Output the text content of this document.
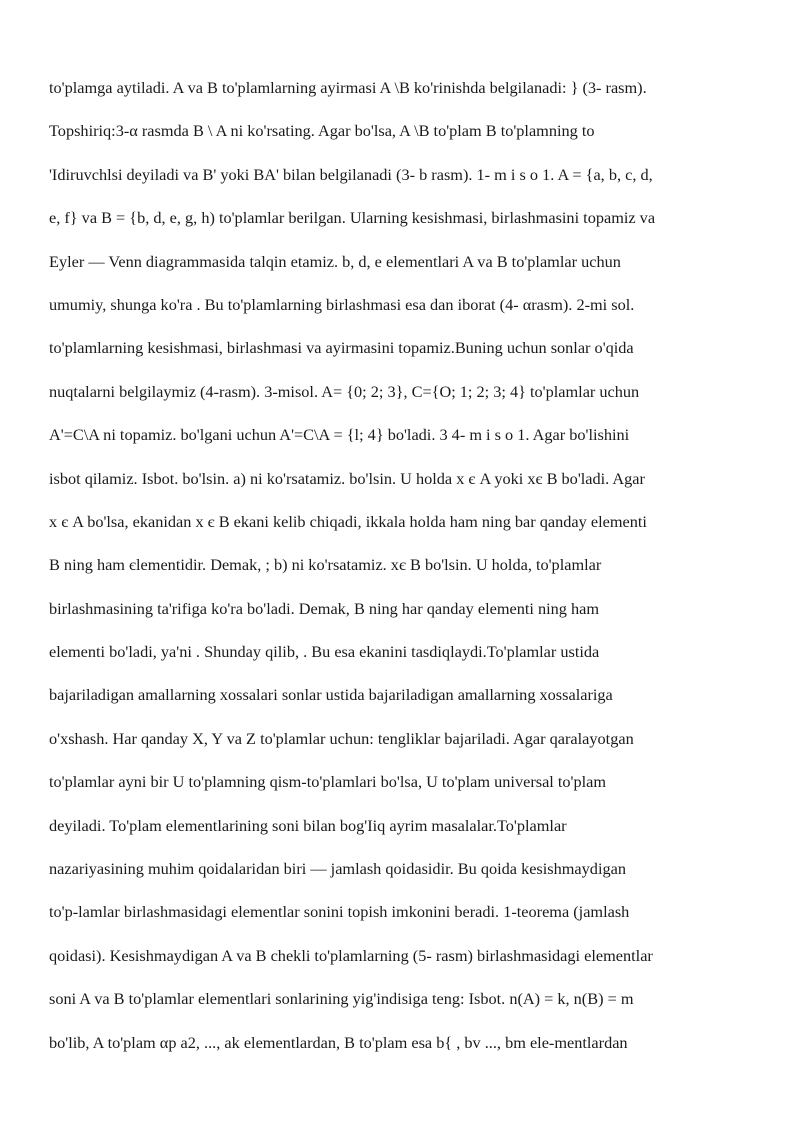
to'plamga aytiladi. A va B to'plamlarning ayirmasi A \B ko'rinishda belgilanadi: } (3- rasm).
Topshiriq:3-α rasmda B \ A ni ko'rsating. Agar bo'lsa, A \B to'plam B to'plamning to
'Idiruvchlsi deyiladi va B' yoki BA' bilan belgilanadi (3- b rasm). 1- m i s o 1. A = {a, b, c, d,
e, f} va B = {b, d, e, g, h) to'plamlar berilgan. Ularning kesishmasi, birlashmasini topamiz va
Eyler — Venn diagrammasida talqin etamiz. b, d, e elementlari A va B to'plamlar uchun
umumiy, shunga ko'ra . Bu to'plamlarning birlashmasi esa dan iborat (4- αrasm). 2-mi sol.
to'plamlarning kesishmasi, birlashmasi va ayirmasini topamiz.Buning uchun sonlar o'qida
nuqtalarni belgilaymiz (4-rasm). 3-misol. A= {0; 2; 3}, C={O; 1; 2; 3; 4} to'plamlar uchun
A'=C\A ni topamiz. bo'lgani uchun A'=C\A = {l; 4} bo'ladi. 3 4- m i s o 1. Agar bo'lishini
isbot qilamiz. Isbot. bo'lsin. a) ni ko'rsatamiz. bo'lsin. U holda x є A yoki xє B bo'ladi. Agar
x є A bo'lsa, ekanidan x є B ekani kelib chiqadi, ikkala holda ham ning bar qanday elementi
B ning ham єlementidir. Demak, ; b) ni ko'rsatamiz. xє B bo'lsin. U holda, to'plamlar
birlashmasining ta'rifiga ko'ra bo'ladi. Demak, B ning har qanday elementi ning ham
elementi bo'ladi, ya'ni . Shunday qilib, . Bu esa ekanini tasdiqlaydi.To'plamlar ustida
bajariladigan amallarning xossalari sonlar ustida bajariladigan amallarning xossalariga
o'xshash. Har qanday X, Y va Z to'plamlar uchun: tengliklar bajariladi. Agar qaralayotgan
to'plamlar ayni bir U to'plamning qism-to'plamlari bo'lsa, U to'plam universal to'plam
deyiladi. To'plam elementlarining soni bilan bog'Iiq ayrim masalalar.To'plamlar
nazariyasining muhim qoidalaridan biri — jamlash qoidasidir. Bu qoida kesishmaydigan
to'p-lamlar birlashmasidagi elementlar sonini topish imkonini beradi. 1-teorema (jamlash
qoidasi). Kesishmaydigan A va B chekli to'plamlarning (5- rasm) birlashmasidagi elementlar
soni A va B to'plamlar elementlari sonlarining yig'indisiga teng: Isbot. n(A) = k, n(B) = m
bo'lib, A to'plam αp a2, ..., ak elementlardan, B to'plam esa b{ , bv ..., bm ele-mentlardan
